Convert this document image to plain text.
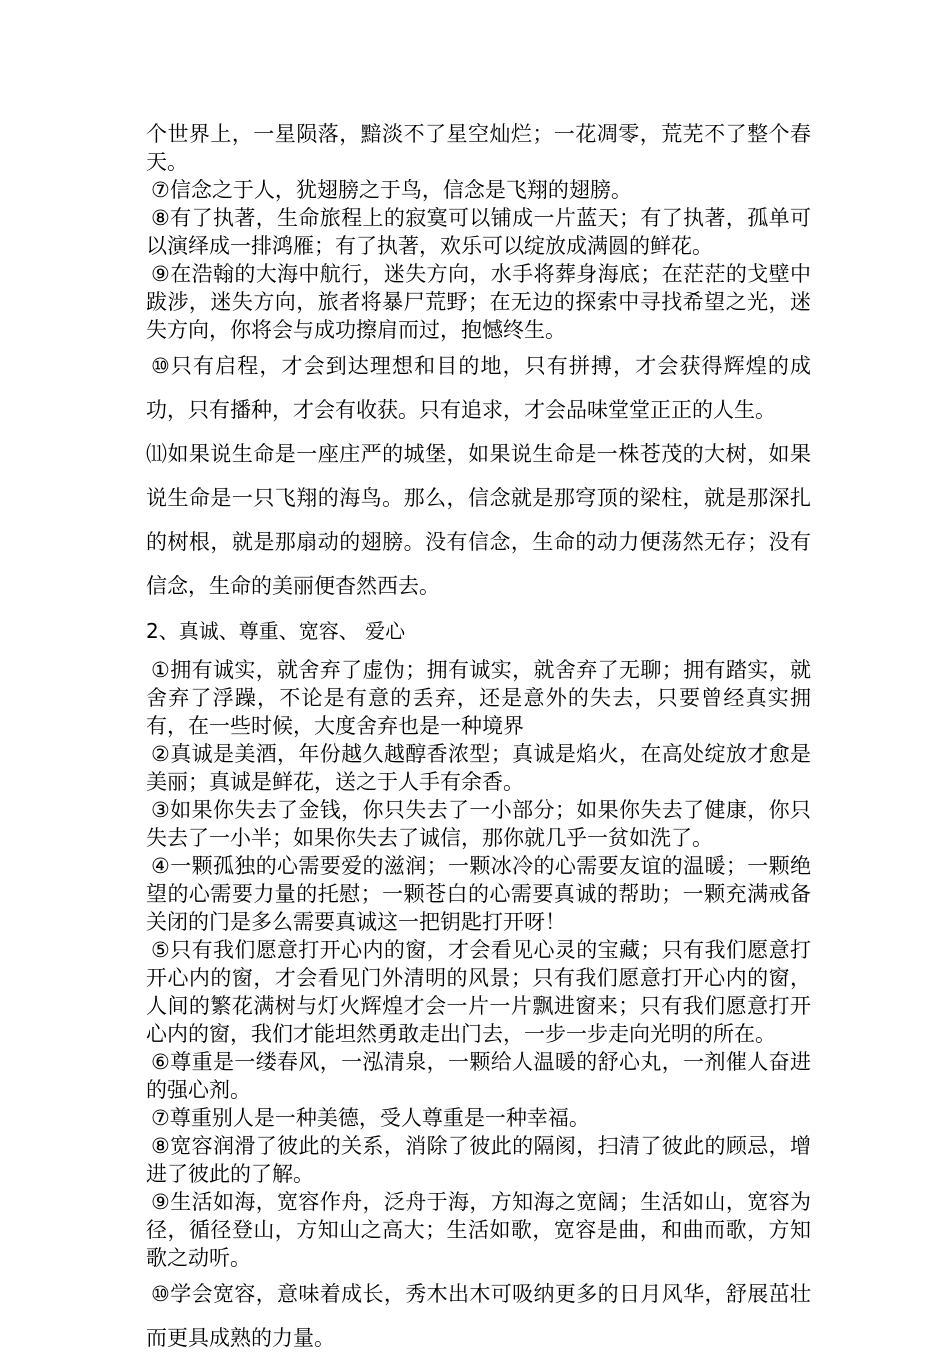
个世界上，一星陨落，黯淡不了星空灿烂；一花凋零，荒芜不了整个春天。

⑦信念之于人，犹翅膀之于鸟，信念是飞翔的翅膀。

⑧有了执著，生命旅程上的寂寞可以铺成一片蓝天；有了执著，孤单可以演绎成一排鸿雁；有了执著，欢乐可以绽放成满圆的鲜花。

⑨在浩翰的大海中航行，迷失方向，水手将葬身海底；在茫茫的戈壁中跋涉，迷失方向，旅者将暴尸荒野；在无边的探索中寻找希望之光，迷失方向，你将会与成功擦肩而过，抱憾终生。

⑩只有启程，才会到达理想和目的地，只有拼搏，才会获得辉煌的成功，只有播种，才会有收获。只有追求，才会品味堂堂正正的人生。

⑾如果说生命是一座庄严的城堡，如果说生命是一株苍茂的大树，如果说生命是一只飞翔的海鸟。那么，信念就是那穹顶的梁柱，就是那深扎的树根，就是那扇动的翅膀。没有信念，生命的动力便荡然无存；没有信念，生命的美丽便杳然西去。

2、真诚、尊重、宽容、 爱心

①拥有诚实，就舍弃了虚伪；拥有诚实，就舍弃了无聊；拥有踏实，就舍弃了浮躁，不论是有意的丢弃，还是意外的失去，只要曾经真实拥有，在一些时候，大度舍弃也是一种境界

②真诚是美酒，年份越久越醇香浓型；真诚是焰火，在高处绽放才愈是美丽；真诚是鲜花，送之于人手有余香。

③如果你失去了金钱，你只失去了一小部分；如果你失去了健康，你只失去了一小半；如果你失去了诚信，那你就几乎一贫如洗了。

④一颗孤独的心需要爱的滋润；一颗冰冷的心需要友谊的温暖；一颗绝望的心需要力量的托慰；一颗苍白的心需要真诚的帮助；一颗充满戒备关闭的门是多么需要真诚这一把钥匙打开呀！

⑤只有我们愿意打开心内的窗，才会看见心灵的宝藏；只有我们愿意打开心内的窗，才会看见门外清明的风景；只有我们愿意打开心内的窗，人间的繁花满树与灯火辉煌才会一片一片飘进窗来；只有我们愿意打开心内的窗，我们才能坦然勇敢走出门去，一步一步走向光明的所在。

⑥尊重是一缕春风，一泓清泉，一颗给人温暖的舒心丸，一剂催人奋进的强心剂。

⑦尊重别人是一种美德，受人尊重是一种幸福。

⑧宽容润滑了彼此的关系，消除了彼此的隔阂，扫清了彼此的顾忌，增进了彼此的了解。

⑨生活如海，宽容作舟，泛舟于海，方知海之宽阔；生活如山，宽容为径，循径登山，方知山之高大；生活如歌，宽容是曲，和曲而歌，方知歌之动听。

⑩学会宽容，意味着成长，秀木出木可吸纳更多的日月风华，舒展茁壮而更具成熟的力量。
